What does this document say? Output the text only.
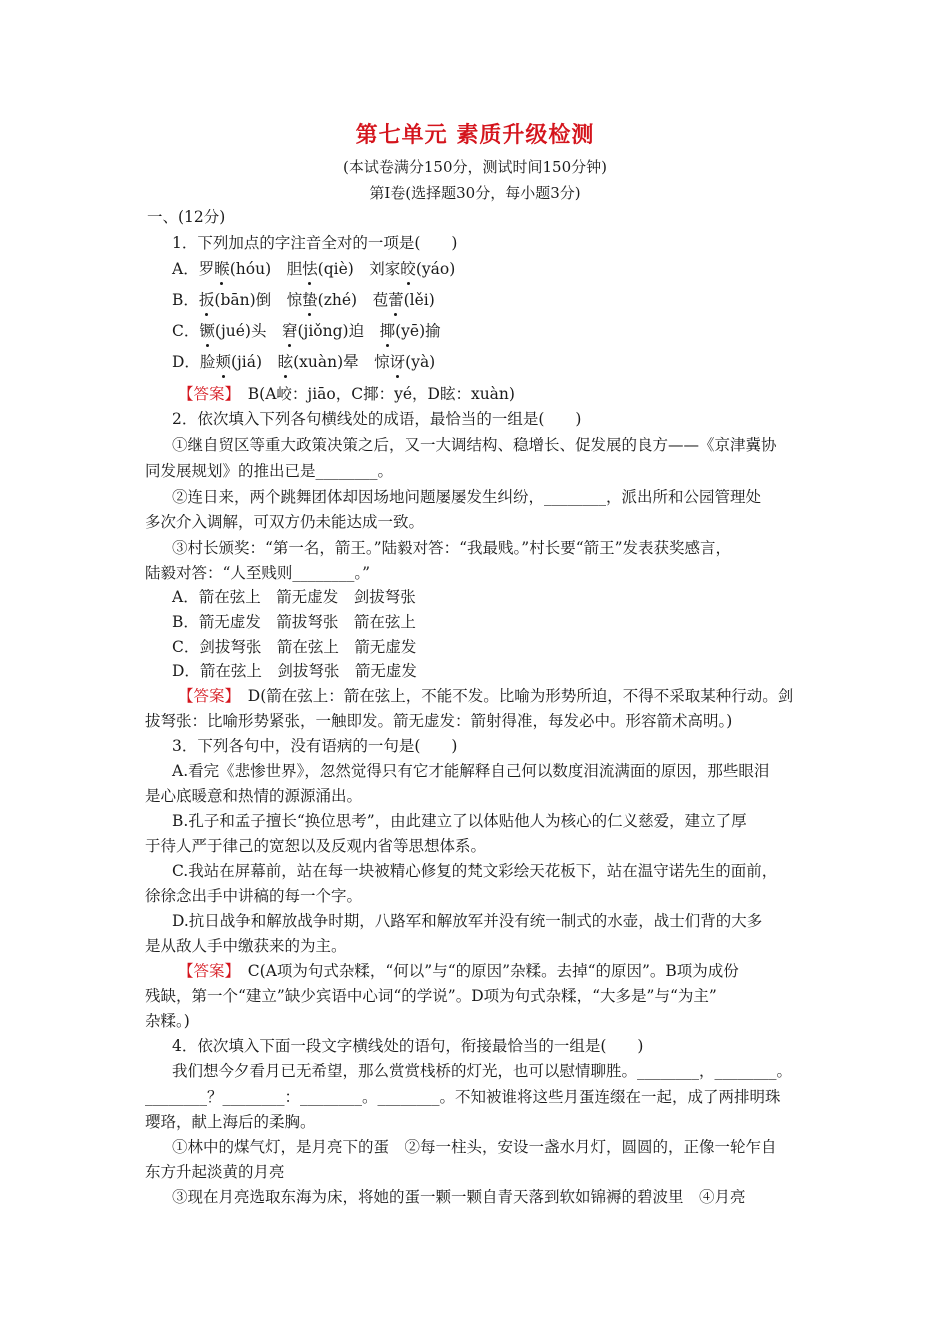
第七单元 素质升级检测
(本试卷满分150分，测试时间150分钟)
第Ⅰ卷(选择题30分，每小题3分)
一、(12分)
1．下列加点的字注音全对的一项是(　　)
A．罗睺(hóu)　胆怯(qiè)　刘家皎(yáo)
B．扳(bān)倒　惊蛰(zhé)　苞蕾(lěi)
C．镢(jué)头　窘(jiǒng)迫　揶(yē)揄
D．脸颊(jiá)　眩(xuàn)晕　惊讶(yà)
【答案】　B(A峧：jiāo，C揶：yé，D眩：xuàn)
2．依次填入下列各句横线处的成语，最恰当的一组是(　　)
①继自贸区等重大政策决策之后，又一大调结构、稳增长、促发展的良方——《京津冀协
同发展规划》的推出已是________。
②连日来，两个跳舞团体却因场地问题屡屡发生纠纷，________，派出所和公园管理处
多次介入调解，可双方仍未能达成一致。
③村长颁奖：“第一名，箭王。”陆毅对答：“我最贱。”村长要“箭王”发表获奖感言，
陆毅对答：“人至贱则________。”
A．箭在弦上　箭无虚发　剑拔弩张
B．箭无虚发　箭拔弩张　箭在弦上
C．剑拔弩张　箭在弦上　箭无虚发
D．箭在弦上　剑拔弩张　箭无虚发
【答案】　D(箭在弦上：箭在弦上，不能不发。比喻为形势所迫，不得不采取某种行动。剑
拔弩张：比喻形势紧张，一触即发。箭无虚发：箭射得准，每发必中。形容箭术高明。)
3．下列各句中，没有语病的一句是(　　)
A.看完《悲惨世界》，忽然觉得只有它才能解释自己何以数度泪流满面的原因，那些眼泪
是心底暖意和热情的源源涌出。
B.孔子和孟子擅长“换位思考”，由此建立了以体贴他人为核心的仁义慈爱，建立了厚
于待人严于律己的宽恕以及反观内省等思想体系。
C.我站在屏幕前，站在每一块被精心修复的梵文彩绘天花板下，站在温守诺先生的面前，
徐徐念出手中讲稿的每一个字。
D.抗日战争和解放战争时期，八路军和解放军并没有统一制式的水壶，战士们背的大多
是从敌人手中缴获来的为主。
【答案】　C(A项为句式杂糅，“何以”与“的原因”杂糅。去掉“的原因”。B项为成份
残缺，第一个“建立”缺少宾语中心词“的学说”。D项为句式杂糅，“大多是”与“为主”
杂糅。)
4．依次填入下面一段文字横线处的语句，衔接最恰当的一组是(　　)
我们想今夕看月已无希望，那么赏赏栈桥的灯光，也可以慰情聊胜。________，________。
________？________：________。________。不知被谁将这些月蛋连缀在一起，成了两排明珠
璎珞，献上海后的柔胸。
①林中的煤气灯，是月亮下的蛋　②每一柱头，安设一盏水月灯，圆圆的，正像一轮乍自
东方升起淡黄的月亮
③现在月亮选取东海为床，将她的蛋一颗一颗自青天落到软如锦褥的碧波里　④月亮
